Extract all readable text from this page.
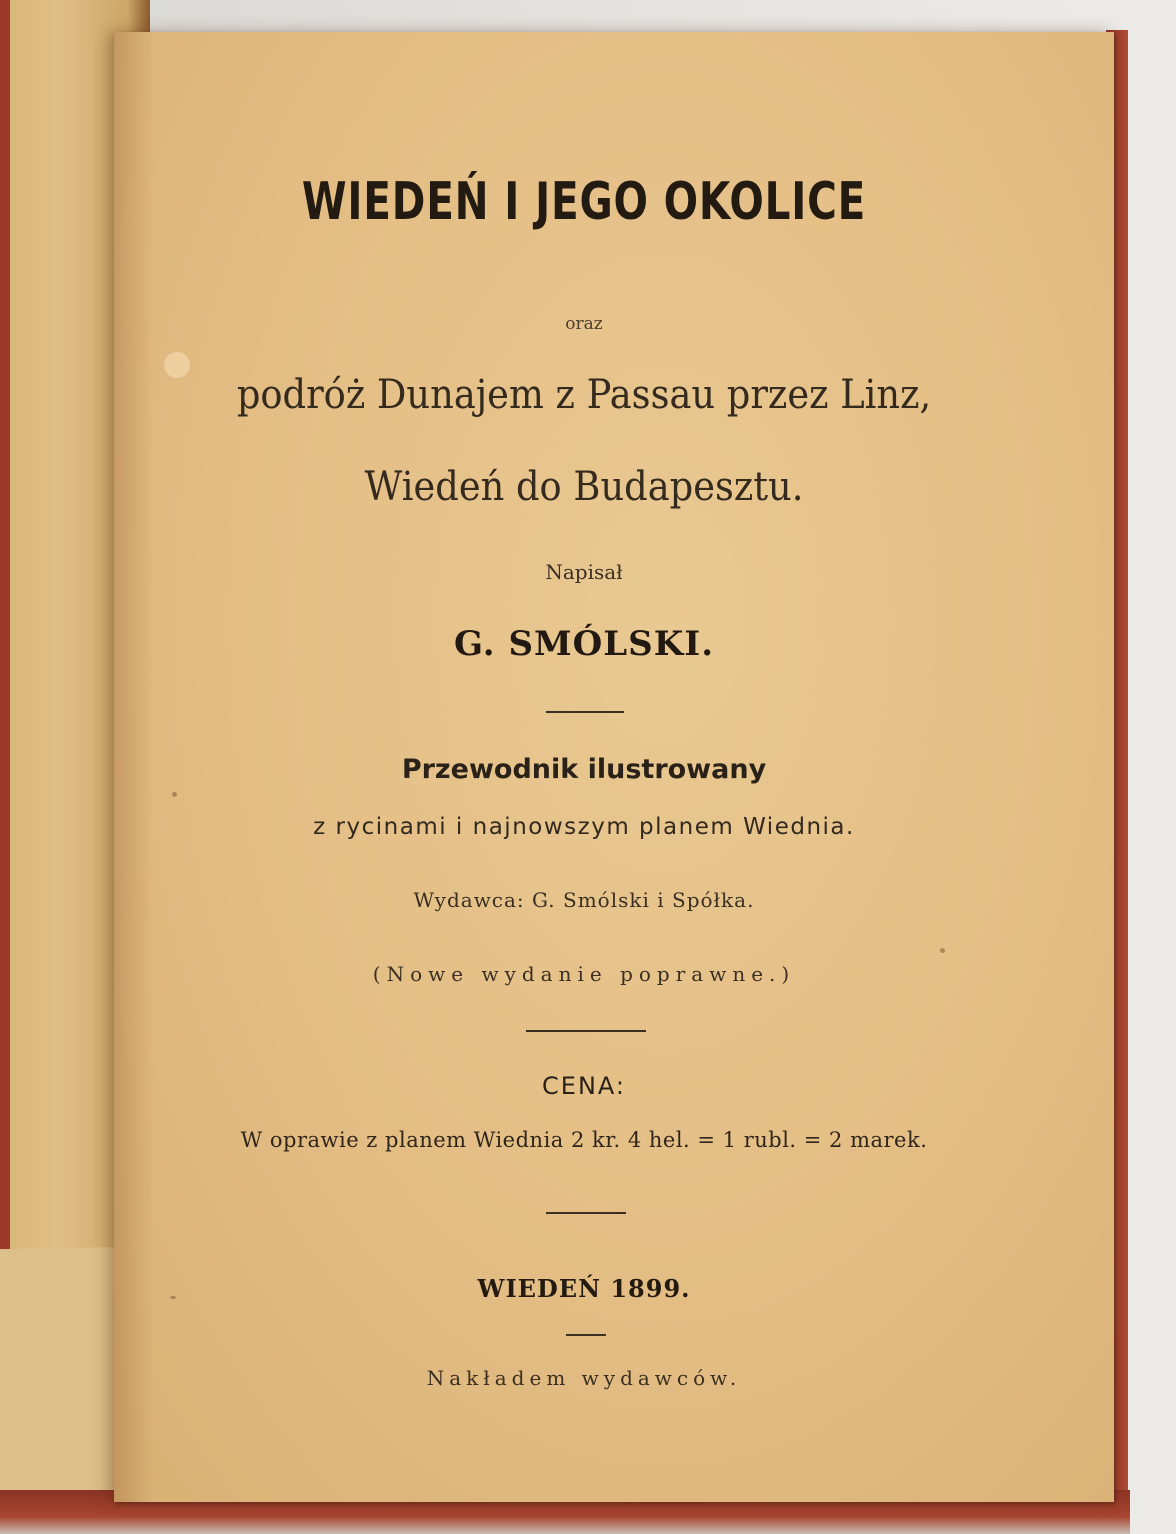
WIEDEŃ I JEGO OKOLICE
oraz
podróż Dunajem z Passau przez Linz,
Wiedeń do Budapesztu.
Napisał
G. SMÓLSKI.
Przewodnik ilustrowany
z rycinami i najnowszym planem Wiednia.
Wydawca: G. Smólski i Spółka.
(Nowe wydanie poprawne.)
CENA:
W oprawie z planem Wiednia 2 kr. 4 hel. = 1 rubl. = 2 marek.
WIEDEŃ 1899.
Nakładem wydawców.
